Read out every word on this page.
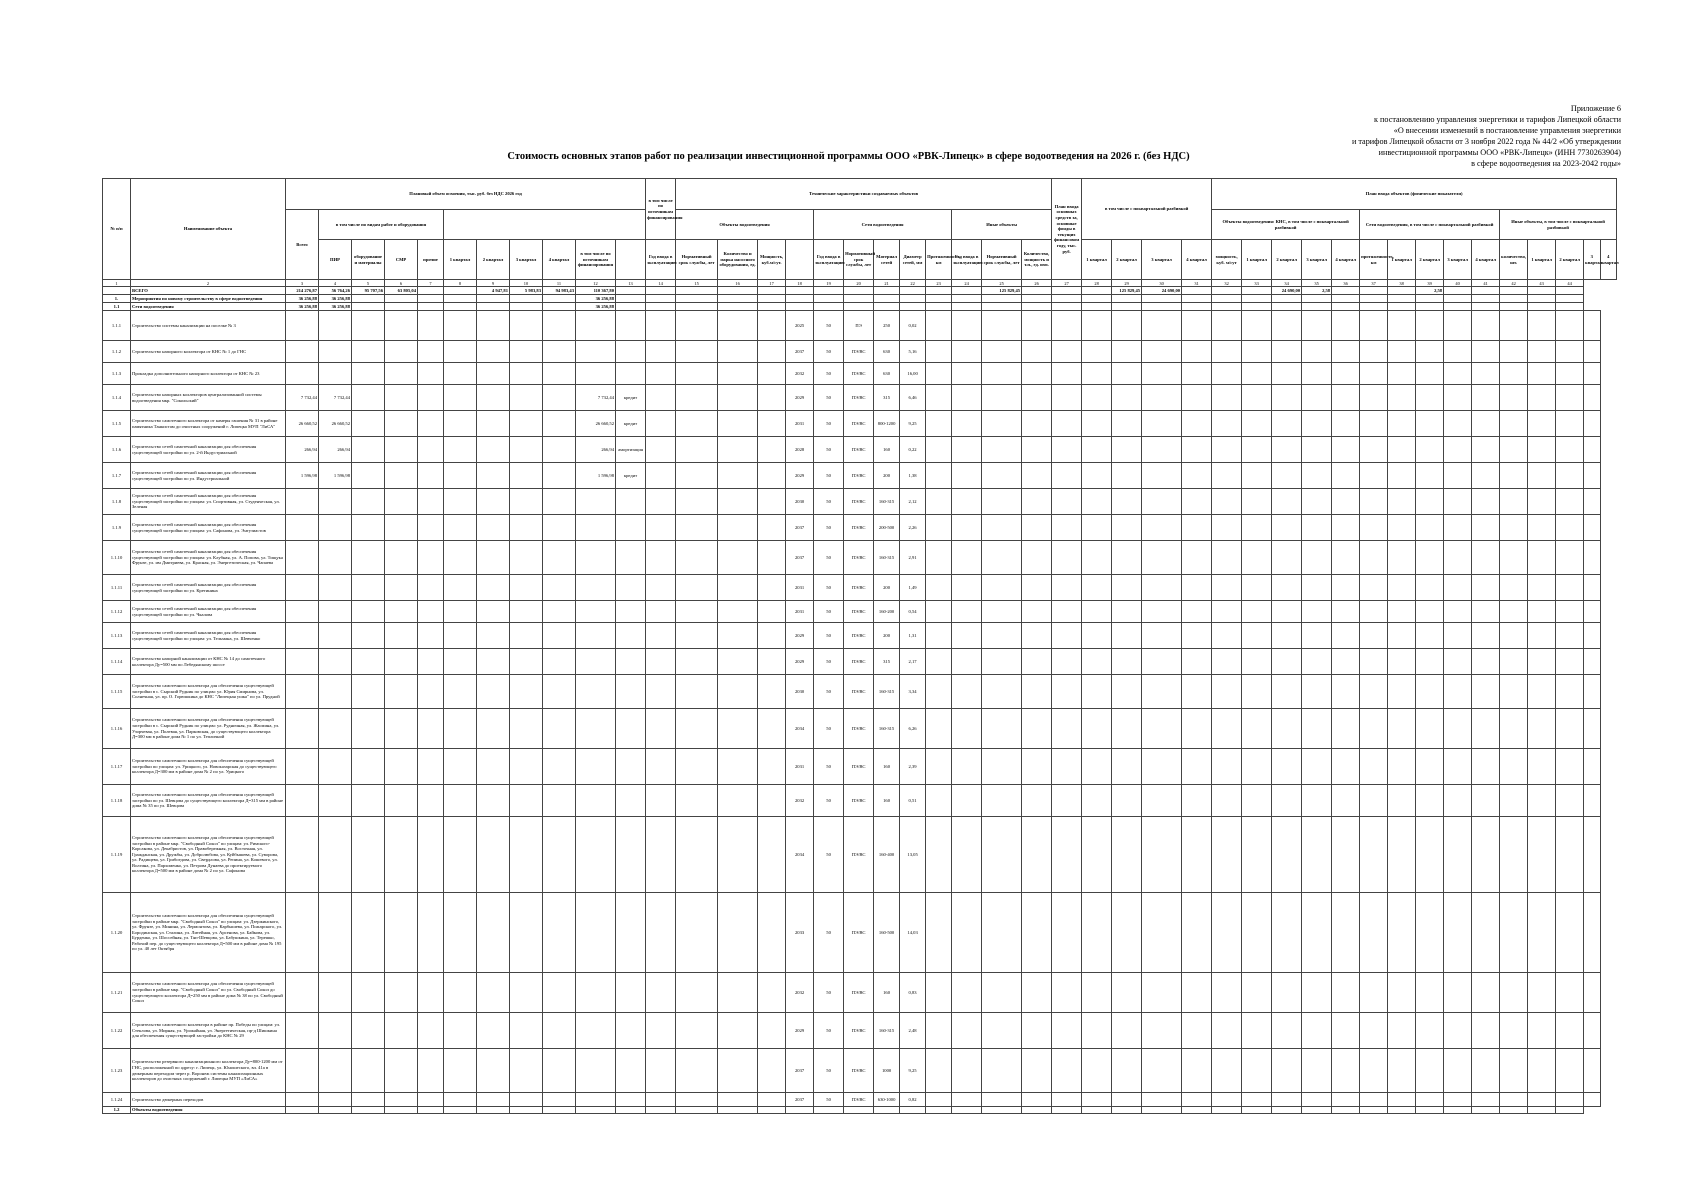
Приложение 6
к постановлению управления энергетики и тарифов Липецкой области
«О внесении изменений в постановление управления энергетики
и тарифов Липецкой области от 3 ноября 2022 года № 44/2 «Об утверждении
инвестиционной программы ООО «РВК-Липецк» (ИНН 7730263904)
в сфере водоотведения на 2023-2042 годы»
Стоимость основных этапов работ по реализации инвестиционной программы ООО «РВК-Липецк» в сфере водоотведения на 2026 г. (без НДС)
№ п/п	Наименование объекта	Плановый объем освоения, тыс. руб. без НДС 2026 год											в том числе по источникам финансирования	Технические характеристики создаваемых объектов												План ввода основных средств за, основные фонды в текущих финансовом году, тыс. руб.	в том числе с поквартальной разбивкой				План ввода объектов (физические показатели)														
		Всего	в том числе по видам работ и оборудования											Объекты водоотведения				Сети водоотведения					Иные объекты								Объекты водоотведения: КНС, в том числе с поквартальной разбивкой					Сети водоотведения, в том числе с поквартальной разбивкой					Иные объекты, в том числе с поквартальной разбивкой				
			ПИР	оборудование и материалы	СМР	прочие	1 квартал	2 квартал	3 квартал	4 квартал	в том числе по источникам финансирования		Год ввода в эксплуатацию	Нормативный срок службы, лет	Количество и марка насосного оборудования, ед.	Мощность, куб.м/сут.		Год ввода в эксплуатацию	Нормативный срок службы, лет	Материал сетей	Диаметр сетей, мм	Протяженность, км	Год ввода в эксплуатацию	Нормативный срок службы, лет	Количество, мощность и т.п., ед. изм.		1 квартал	2 квартал	3 квартал	4 квартал	мощность, куб. м/сут	1 квартал	2 квартал	3 квартал	4 квартал	протяженность, км	1 квартал	2 квартал	3 квартал	4 квартал	количество, шт.	1 квартал	2 квартал	3 квартал	4 квартал
1	2	3	4	5	6	7	8	9	10	11	12	13	14	15	16	17	18	19	20	21	22	23	24	25	26	27	28	29	30	31	32	33	34	35	36	37	38	39	40	41	42	43	44		
	ВСЕГО	214 276,87	56 764,26	95 707,56	63 805,04			4 947,81	5 983,83	94 983,43	110 367,80													125 829,45				125 829,45	24 690,00				24 690,00	2,58				2,58							
1.	Мероприятия по новому строительству в сфере водоотведения	36 256,88	36 256,88								36 256,88																																		
1.1	Сети водоотведения	36 256,88	36 256,88								36 256,88																																		
1.1.1	Строительство системы канализации на поселке № 3																2025	50	ПЭ	250	0,02																								
1.1.2	Строительство напорного коллектора от КНС № 1 до ГНС																2037	50	ПЭ/ВС	630	5,16																								
1.1.3	Прокладка дополнительного напорного коллектора от КНС № 23																2032	50	ПЭ/ВС	630	16,00																								
1.1.4	Строительство напорных коллекторов централизованной системы водоотведения мкр. "Сокольский"	7 732,44	7 732,44								7 732,44	кредит					2029	50	ПЭ/ВС	315	6,46																								
1.1.5	Строительство самотечного коллектора от камеры гашения № 31 в районе памятника Танкистам до очистных сооружений г. Липецка МУП "ЛиСА"	26 660,52	26 660,52								26 660,52	кредит					2031	50	ПЭ/ВС	800-1200	9,25																								
1.1.6	Строительство сетей самотечной канализации для обеспечения существующей застройки по ул. 2-й Индустриальной	266,94	266,94								266,94	амортизация					2028	50	ПЭ/ВС	160	0,22																								
1.1.7	Строительство сетей самотечной канализации для обеспечения существующей застройки по ул. Индустриальной	1 596,98	1 596,98								1 596,98	кредит					2029	50	ПЭ/ВС	200	1,38																								
1.1.8	Строительство сетей самотечной канализации для обеспечения существующей застройки по улицам: ул. Спортивная, ул. Студенческая, ул. Зеленая																2030	50	ПЭ/ВС	160-315	2,12																								
1.1.9	Строительство сетей самотечной канализации для обеспечения существующей застройки по улицам: ул. Сафонова, ул. Энтузиастов																2037	50	ПЭ/ВС	200-500	2,26																								
1.1.10	Строительство сетей самотечной канализации для обеспечения существующей застройки по улицам: ул. Клубная, ул. А. Попова, ул. Тищука Фрунзе, ул. им Дмитриева, ул. Красная, ул. Энергетическая, ул. Чапаева																2037	50	ПЭ/ВС	160-315	2,91																								
1.1.11	Строительство сетей самотечной канализации для обеспечения существующей застройки по ул. Кретинина																2031	50	ПЭ/ВС	200	1,49																								
1.1.12	Строительство сетей самотечной канализации для обеспечения существующей застройки по ул. Чкалова																2031	50	ПЭ/ВС	160-200	0,54																								
1.1.13	Строительство сетей самотечной канализации для обеспечения существующей застройки по улицам: ул. Тельмана, ул. Шевченко																2029	50	ПЭ/ВС	200	1,31																								
1.1.14	Строительство напорной канализации от КНС № 14 до самотечного коллектора Ду=500 мм по Лебедянскому шоссе																2029	50	ПЭ/ВС	315	2,17																								
1.1.15	Строительство самотечного коллектора для обеспечения существующей застройки в с. Сырский Рудник по улицам: ул. Юрия Смирнова, ул. Солнечная, ул. пр. О. Горюшкина до КНС "Липецкая ушка" по ул. Прудной																2030	50	ПЭ/ВС	160-315	3,34																								
1.1.16	Строительство самотечного коллектора для обеспечения существующей застройки в с. Сырский Рудник по улицам: ул. Рудничная, ул. Жасмина, ул. Узорчевая, ул. Полевая, ул. Парковская, до существующего коллектора Д=300 мм в районе дома № 1 по ул. Тепличной																2034	50	ПЭ/ВС	160-315	6,26																								
1.1.17	Строительство самотечного коллектора для обеспечения существующей застройки по улицам: ул. Урицкого, ул. Новоказарская до существующего коллектора Д=300 мм в районе дома № 2 по ул. Урицкого																2031	50	ПЭ/ВС	160	2,39																								
1.1.18	Строительство самотечного коллектора для обеспечения существующей застройки по ул. Шевцова до существующего коллектора Д=315 мм в районе дома № 35 по ул. Шевцова																2032	50	ПЭ/ВС	160	0,51																								
1.1.19	Строительство самотечного коллектора для обеспечения существующей застройки в районе мкр. "Свободный Сокол" по улицам: ул. Римского-Корсакова, ул. Декабристов, ул. Правобережная, ул. Восточная, ул. Гражданская, ул. Дружбы, ул. Добролюбова, ул. Куйбышева, ул. Суворова, ул. Радищева, ул. Грибоедова, ул. Свердлова, ул. Репина, ул. Кошевого, ул. Волгина, ул. Пархоменко, ул. Петрова Дунаева до проектируемого коллектора Д=500 мм в районе дома № 2 по ул. Сафонова																2034	50	ПЭ/ВС	160-400	13,05																								
1.1.20	Строительство самотечного коллектора для обеспечения существующей застройки в районе мкр. "Свободный Сокол" по улицам: ул. Дзержинского, ул. Фрунзе, ул. Минина, ул. Лермонтова, ул. Карбышева, ул. Пожарского, ул. Бородинская, ул. Сталина, ул. Литейная, ул. Арсенова, ул. Байкова, ул. Бурденко, ул. Шоссейная, ул. Тяп-Шевцова, ул. Бабушкина, ул. Терешко, Рабочий пер. до существующего коллектора Д=500 мм в районе дома № 195 по ул. 40 лет Октября																2033	50	ПЭ/ВС	160-500	14,03																								
1.1.21	Строительство самотечного коллектора для обеспечения существующей застройки в районе мкр. "Свободный Сокол" по ул. Свободный Сокол до существующего коллектора Д=250 мм в районе дома № 38 по ул. Свободный Сокол																2032	50	ПЭ/ВС	160	0,83																								
1.1.22	Строительство самотечного коллектора в районе пр. Победы по улицам: ул. Стеклова, ул. Мирная, ул. Урожайная, ул. Энергетическая, пр-д Шишкина для обеспечения существующей застройки до КНС № 29																2029	50	ПЭ/ВС	160-315	2,48																								
1.1.23	Строительство резервного канализационного коллектора Ду=800-1200 мм от ГНС, расположенной по адресу: г. Липецк, ул. Юношеского, вл. 41а в дюкерным переходом через р. Воронеж системы канализационных коллекторов до очистных сооружений г. Липецка МУП «ЛиСА»																2037	50	ПЭ/ВС	1000	9,25																								
1.1.24	Строительство дюкерных переходов																2037	50	ПЭ/ВС	630-1000	0,82																								
1.2	Объекты водоотведения																																												
